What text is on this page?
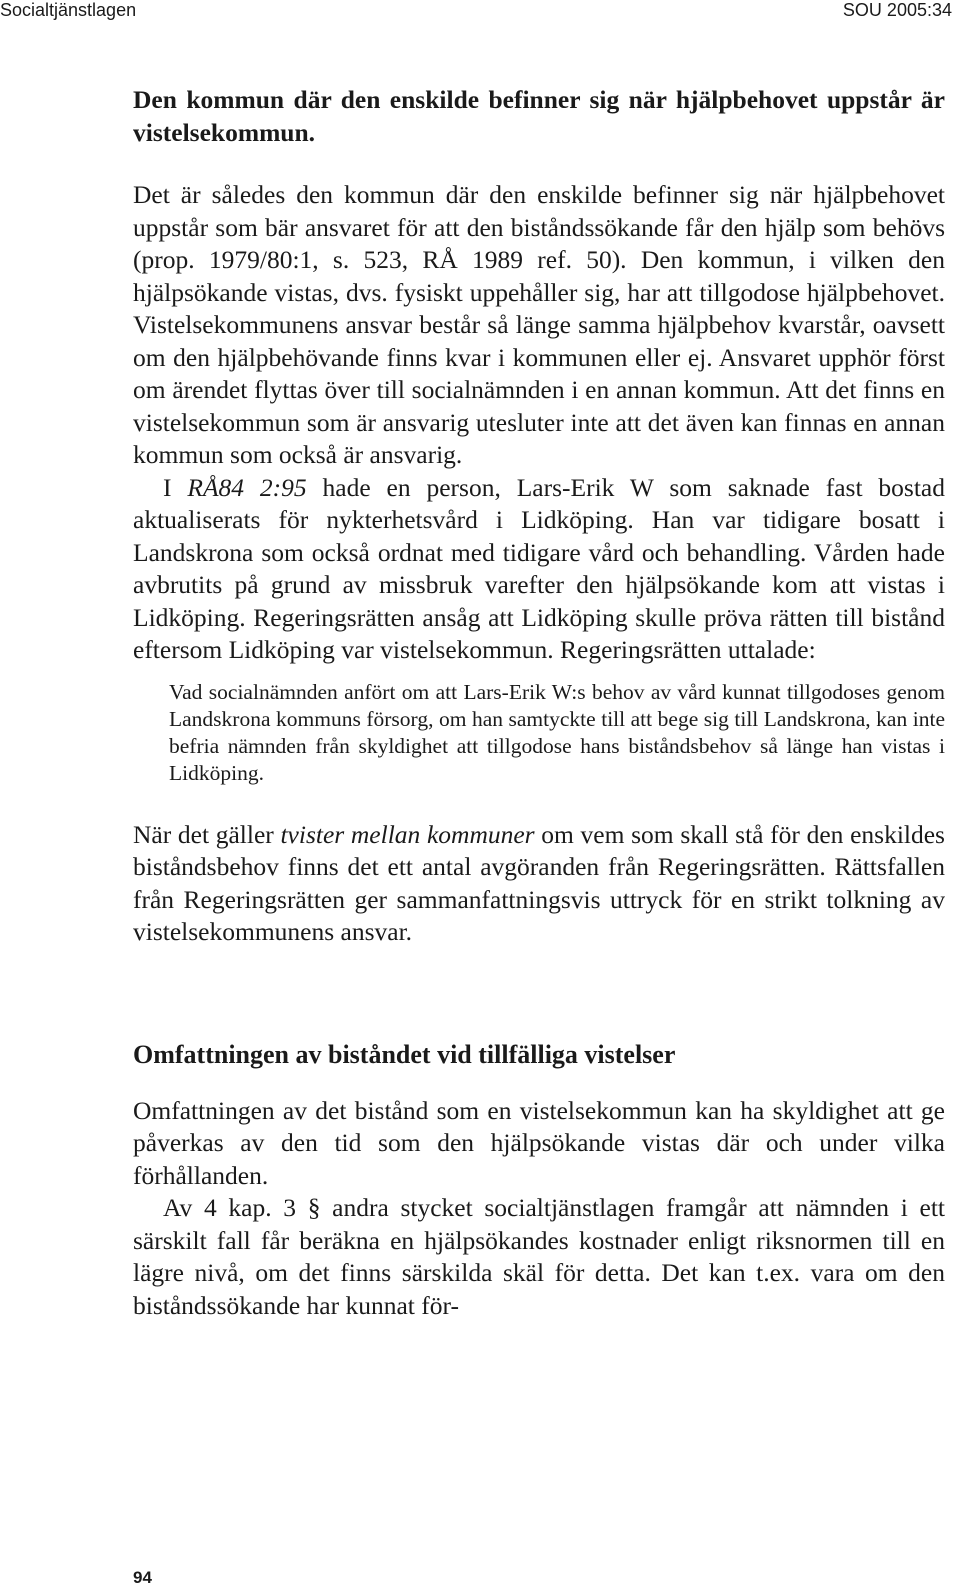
Socialtjänstlagen	SOU 2005:34

Den kommun där den enskilde befinner sig när hjälpbehovet uppstår är vistelsekommun.

Det är således den kommun där den enskilde befinner sig när hjälpbehovet uppstår som bär ansvaret för att den biståndssökande får den hjälp som behövs (prop. 1979/80:1, s. 523, RÅ 1989 ref. 50). Den kommun, i vilken den hjälpsökande vistas, dvs. fysiskt uppehåller sig, har att tillgodose hjälpbehovet. Vistelsekommunens ansvar består så länge samma hjälpbehov kvarstår, oavsett om den hjälpbehövande finns kvar i kommunen eller ej. Ansvaret upphör först om ärendet flyttas över till socialnämnden i en annan kommun. Att det finns en vistelsekommun som är ansvarig utesluter inte att det även kan finnas en annan kommun som också är ansvarig.

I RÅ84 2:95 hade en person, Lars-Erik W som saknade fast bostad aktualiserats för nykterhetsvård i Lidköping. Han var tidigare bosatt i Landskrona som också ordnat med tidigare vård och behandling. Vården hade avbrutits på grund av missbruk varefter den hjälpsökande kom att vistas i Lidköping. Regeringsrätten ansåg att Lidköping skulle pröva rätten till bistånd eftersom Lidköping var vistelsekommun. Regeringsrätten uttalade:

Vad socialnämnden anfört om att Lars-Erik W:s behov av vård kunnat tillgodoses genom Landskrona kommuns försorg, om han samtyckte till att bege sig till Landskrona, kan inte befria nämnden från skyldighet att tillgodose hans biståndsbehov så länge han vistas i Lidköping.

När det gäller tvister mellan kommuner om vem som skall stå för den enskildes biståndsbehov finns det ett antal avgöranden från Regeringsrätten. Rättsfallen från Regeringsrätten ger sammanfattningsvis uttryck för en strikt tolkning av vistelsekommunens ansvar.

Omfattningen av biståndet vid tillfälliga vistelser

Omfattningen av det bistånd som en vistelsekommun kan ha skyldighet att ge påverkas av den tid som den hjälpsökande vistas där och under vilka förhållanden.

Av 4 kap. 3 § andra stycket socialtjänstlagen framgår att nämnden i ett särskilt fall får beräkna en hjälpsökandes kostnader enligt riksnormen till en lägre nivå, om det finns särskilda skäl för detta. Det kan t.ex. vara om den biståndssökande har kunnat för-

94
